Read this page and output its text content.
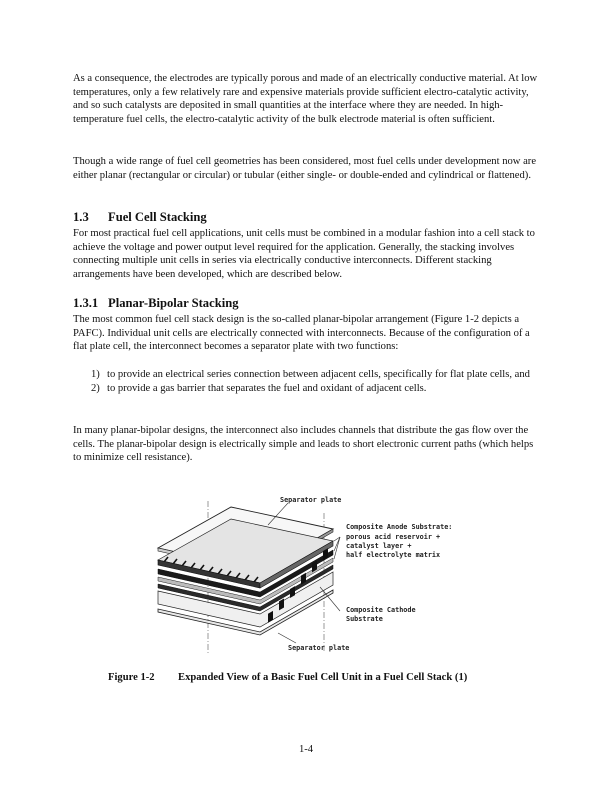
As a consequence, the electrodes are typically porous and made of an electrically conductive material. At low temperatures, only a few relatively rare and expensive materials provide sufficient electro-catalytic activity, and so such catalysts are deposited in small quantities at the interface where they are needed. In high-temperature fuel cells, the electro-catalytic activity of the bulk electrode material is often sufficient.

Though a wide range of fuel cell geometries has been considered, most fuel cells under development now are either planar (rectangular or circular) or tubular (either single- or double-ended and cylindrical or flattened).

1.3 Fuel Cell Stacking

For most practical fuel cell applications, unit cells must be combined in a modular fashion into a cell stack to achieve the voltage and power output level required for the application. Generally, the stacking involves connecting multiple unit cells in series via electrically conductive interconnects. Different stacking arrangements have been developed, which are described below.

1.3.1 Planar-Bipolar Stacking

The most common fuel cell stack design is the so-called planar-bipolar arrangement (Figure 1-2 depicts a PAFC). Individual unit cells are electrically connected with interconnects. Because of the configuration of a flat plate cell, the interconnect becomes a separator plate with two functions:

1) to provide an electrical series connection between adjacent cells, specifically for flat plate cells, and
2) to provide a gas barrier that separates the fuel and oxidant of adjacent cells.

In many planar-bipolar designs, the interconnect also includes channels that distribute the gas flow over the cells. The planar-bipolar design is electrically simple and leads to short electronic current paths (which helps to minimize cell resistance).

Separator plate
Composite Anode Substrate:
porous acid reservoir +
catalyst layer +
half electrolyte matrix
Composite Cathode
Substrate
Separator plate
Figure 1-2 Expanded View of a Basic Fuel Cell Unit in a Fuel Cell Stack (1)
1-4
